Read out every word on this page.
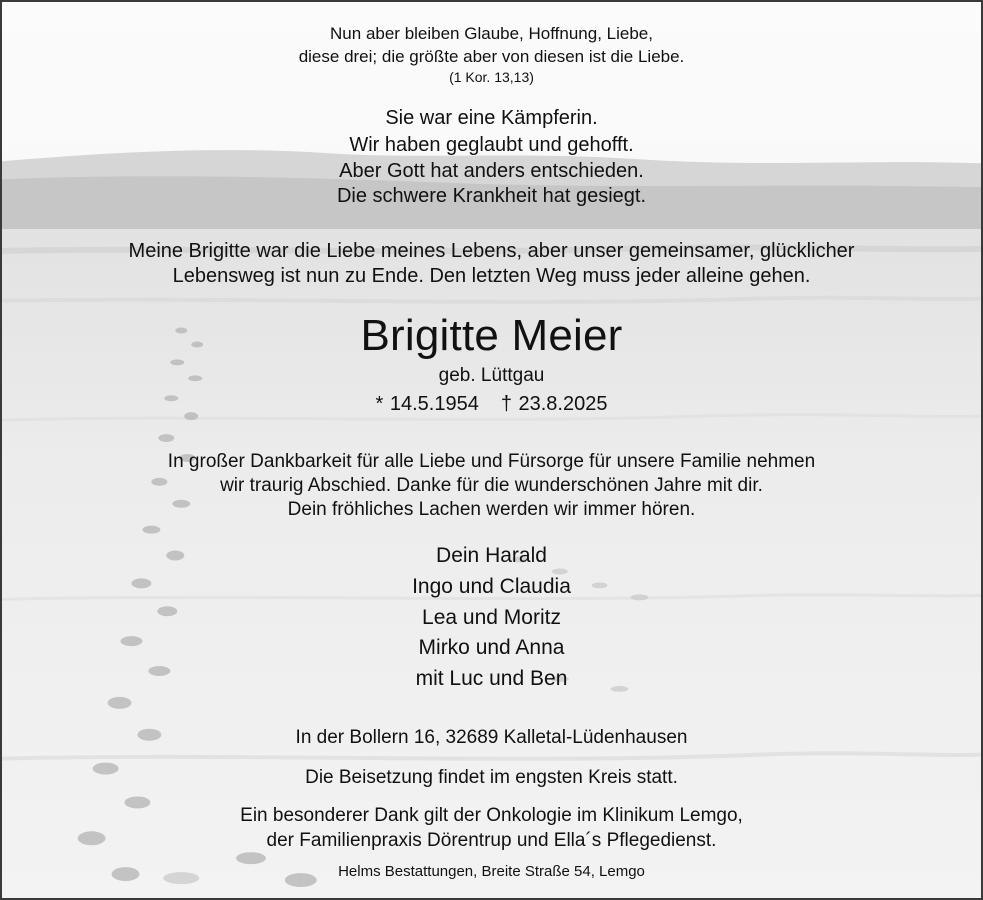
Nun aber bleiben Glaube, Hoffnung, Liebe,
diese drei; die größte aber von diesen ist die Liebe.
(1 Kor. 13,13)
Sie war eine Kämpferin.
Wir haben geglaubt und gehofft.
Aber Gott hat anders entschieden.
Die schwere Krankheit hat gesiegt.
Meine Brigitte war die Liebe meines Lebens, aber unser gemeinsamer, glücklicher
Lebensweg ist nun zu Ende. Den letzten Weg muss jeder alleine gehen.
Brigitte Meier
geb. Lüttgau
* 14.5.1954 † 23.8.2025
In großer Dankbarkeit für alle Liebe und Fürsorge für unsere Familie nehmen
wir traurig Abschied. Danke für die wunderschönen Jahre mit dir.
Dein fröhliches Lachen werden wir immer hören.
Dein Harald
Ingo und Claudia
Lea und Moritz
Mirko und Anna
mit Luc und Ben
In der Bollern 16, 32689 Kalletal-Lüdenhausen
Die Beisetzung findet im engsten Kreis statt.
Ein besonderer Dank gilt der Onkologie im Klinikum Lemgo,
der Familienpraxis Dörentrup und Ella´s Pflegedienst.
Helms Bestattungen, Breite Straße 54, Lemgo
